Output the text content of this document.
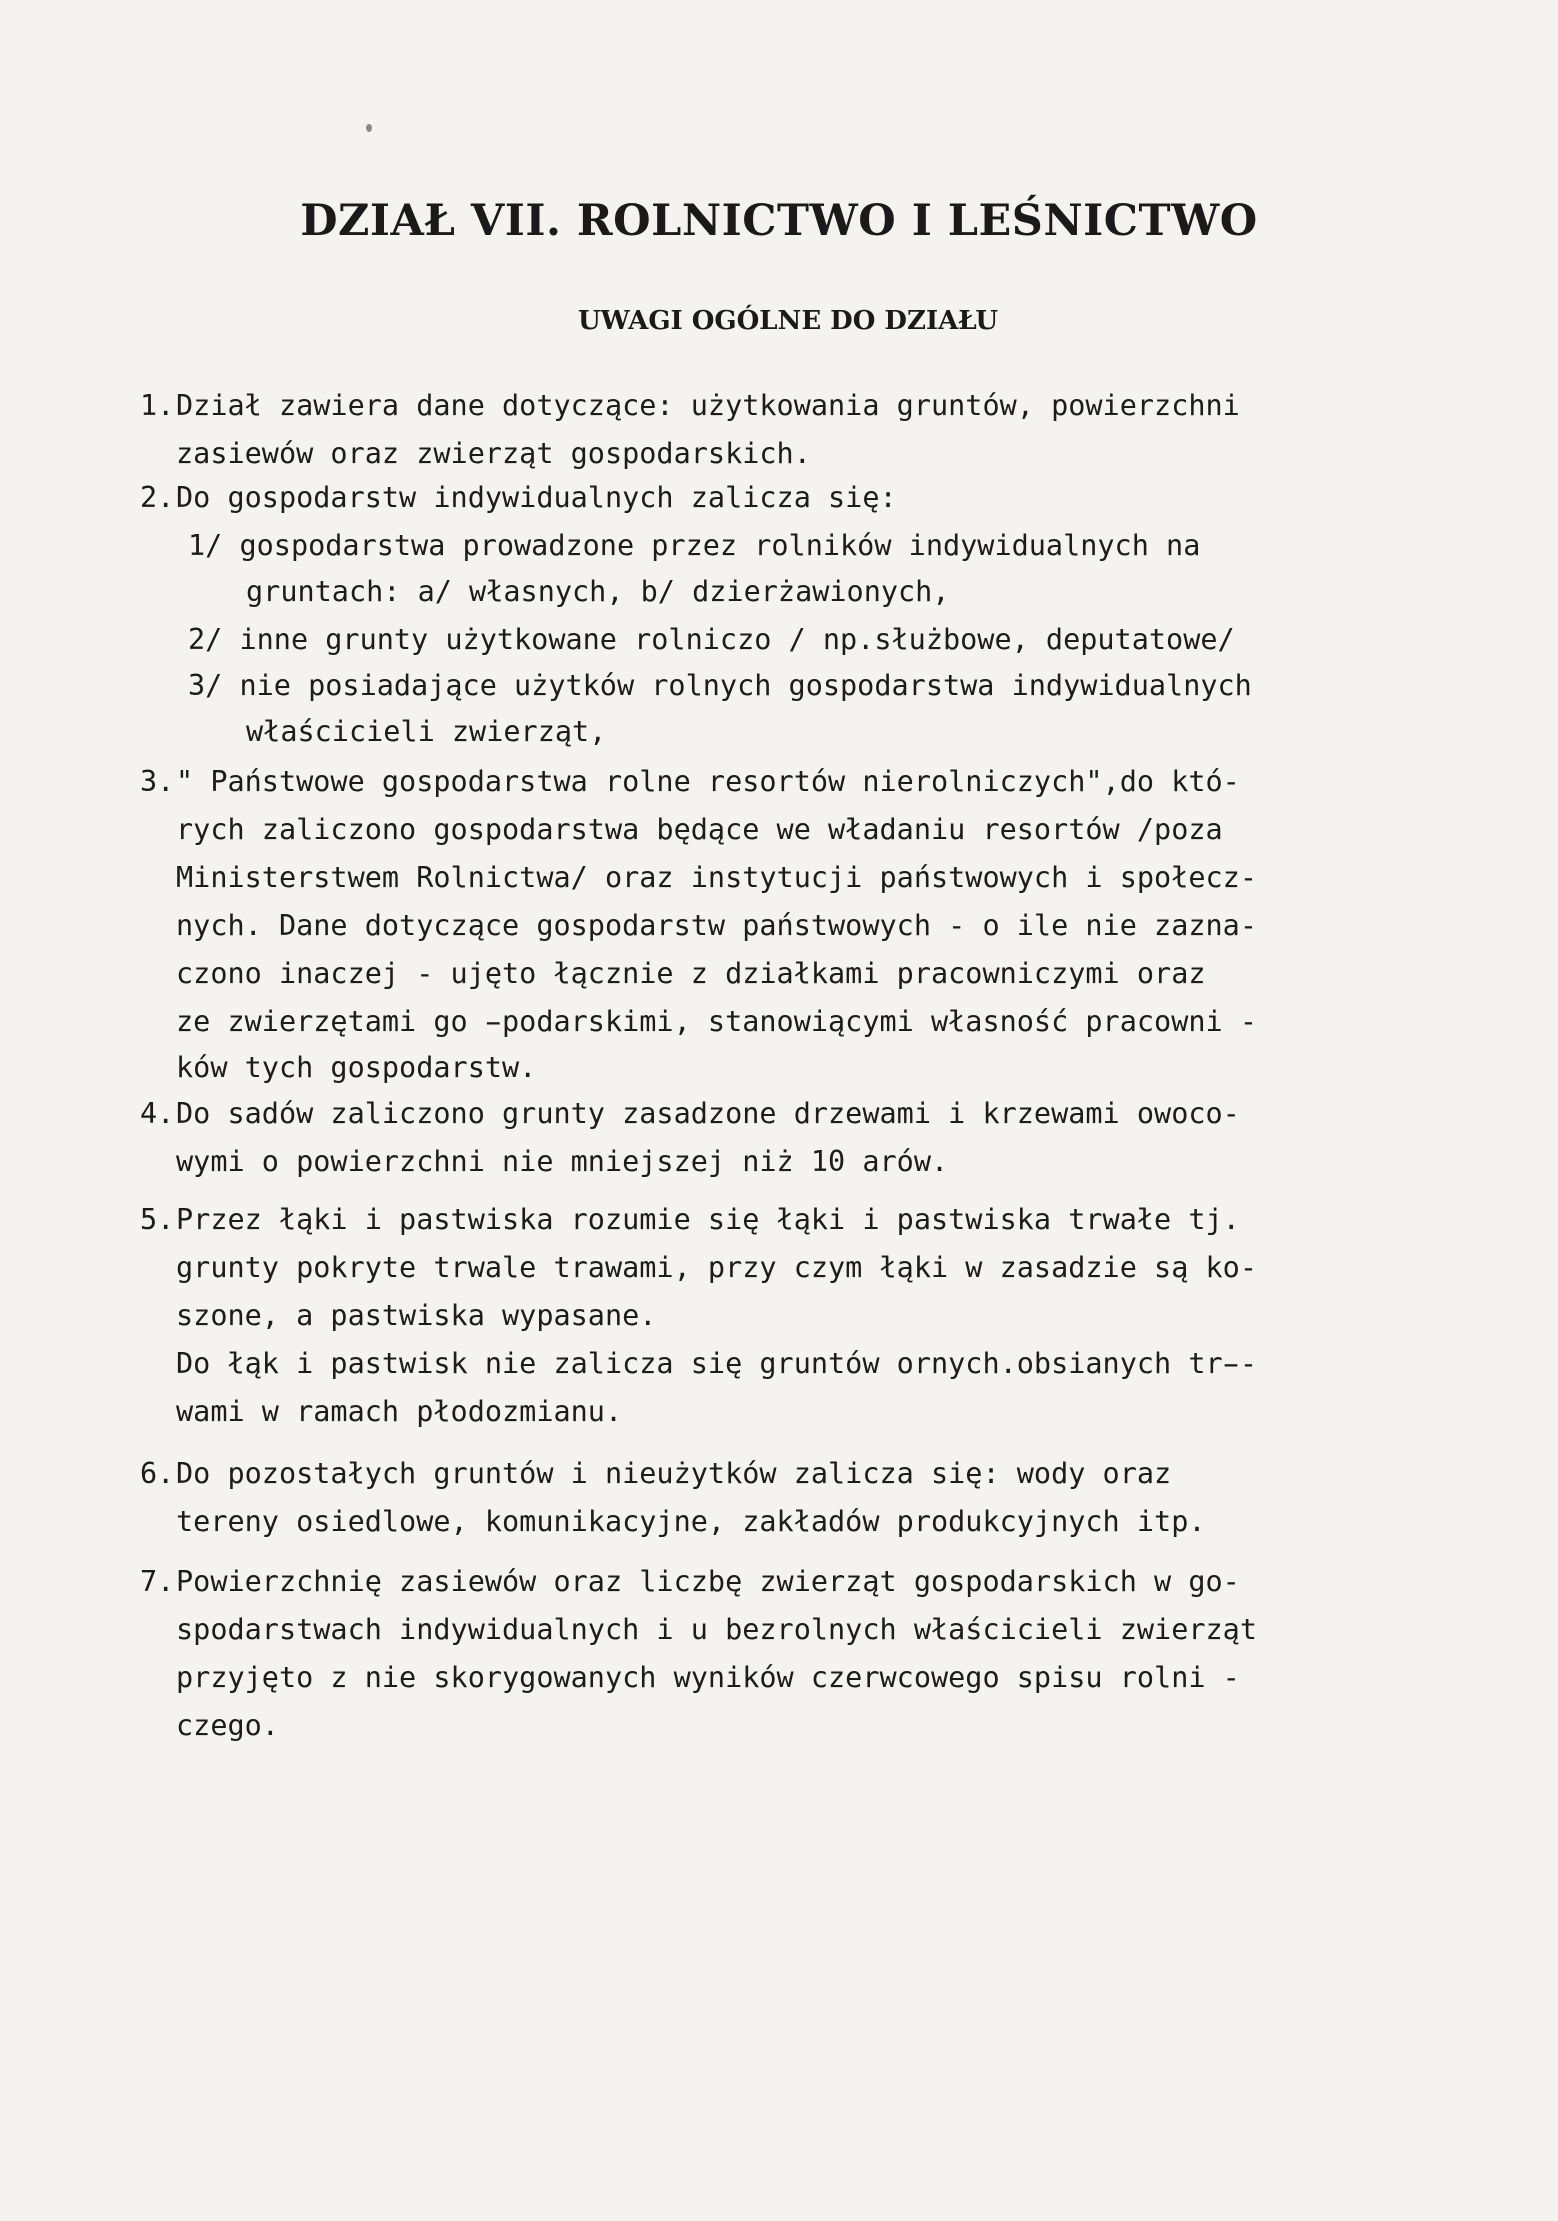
DZIAŁ VII. ROLNICTWO I LEŚNICTWO
UWAGI OGÓLNE DO DZIAŁU
1. Dział zawiera dane dotyczące: użytkowania gruntów, powierzchni
zasiewów oraz zwierząt gospodarskich.
2. Do gospodarstw indywidualnych zalicza się:
1/ gospodarstwa prowadzone przez rolników indywidualnych na
gruntach: a/ własnych, b/ dzierżawionych,
2/ inne grunty użytkowane rolniczo / np.służbowe, deputatowe/
3/ nie posiadające użytków rolnych gospodarstwa indywidualnych
właścicieli zwierząt,
3. " Państwowe gospodarstwa rolne resortów nierolniczych",do któ-
rych zaliczono gospodarstwa będące we władaniu resortów /poza
Ministerstwem Rolnictwa/ oraz instytucji państwowych i społecz-
nych. Dane dotyczące gospodarstw państwowych - o ile nie zazna-
czono inaczej - ujęto łącznie z działkami pracowniczymi oraz
ze zwierzętami go ̵podarskimi, stanowiącymi własność pracowni -
ków tych gospodarstw.
4. Do sadów zaliczono grunty zasadzone drzewami i krzewami owoco-
wymi o powierzchni nie mniejszej niż 10 arów.
5. Przez łąki i pastwiska rozumie się łąki i pastwiska trwałe tj.
grunty pokryte trwale trawami, przy czym łąki w zasadzie są ko-
szone, a pastwiska wypasane.
Do łąk i pastwisk nie zalicza się gruntów ornych.obsianych tr̵-
wami w ramach płodozmianu.
6. Do pozostałych gruntów i nieużytków zalicza się: wody oraz
tereny osiedlowe, komunikacyjne, zakładów produkcyjnych itp.
7. Powierzchnię zasiewów oraz liczbę zwierząt gospodarskich w go-
spodarstwach indywidualnych i u bezrolnych właścicieli zwierząt
przyjęto z nie skorygowanych wyników czerwcowego spisu rolni -
czego.
